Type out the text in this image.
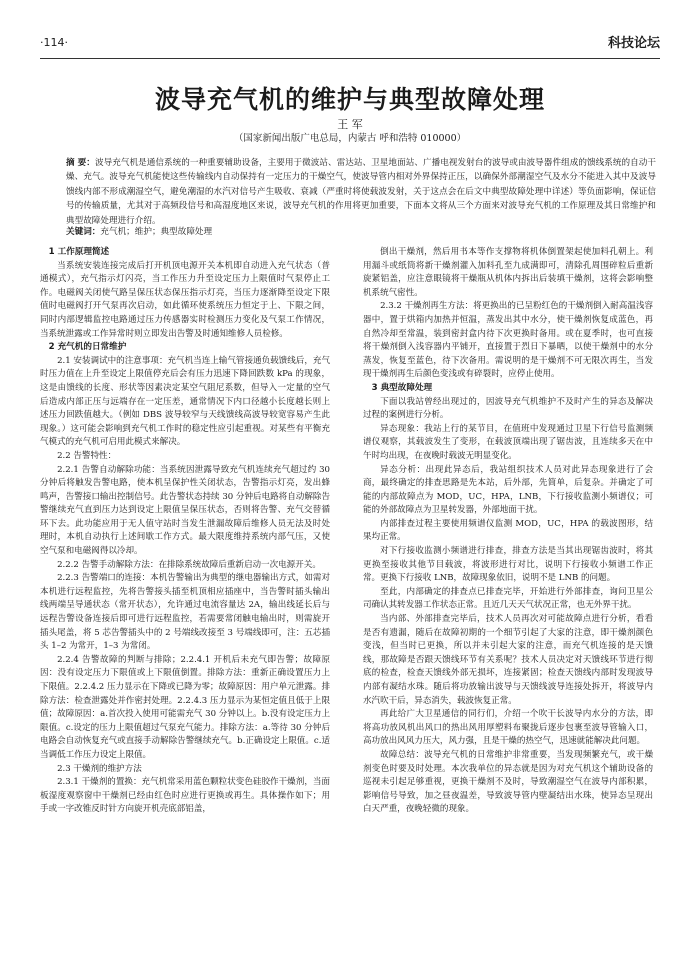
·114·	科技论坛
波导充气机的维护与典型故障处理
王 军
（国家新闻出版广电总局，内蒙古 呼和浩特 010000）
摘 要：波导充气机是通信系统的一种重要辅助设备，主要用于微波站、雷达站、卫星地面站、广播电视发射台的波导或由波导器件组成的馈线系统的自动干燥、充气。波导充气机能使这些传输线内自动保持有一定压力的干燥空气，使波导管内相对外界保持正压，以确保外部潮湿空气及水分不能进入其中及波导馈线内部不形成潮湿空气，避免潮湿的水汽对信号产生吸收、衰减（严重时将使载波发射，关于这点会在后文中典型故障处理中详述）等负面影响，保证信号的传输质量，尤其对于高频段信号和高湿度地区来说，波导充气机的作用将更加重要，下面本文将从三个方面来对波导充气机的工作原理及其日常维护和典型故障处理进行介绍。
关键词：充气机；维护；典型故障处理
1 工作原理简述

当系统安装连接完成后打开机顶电源开关本机即自动进入充气状态（普通模式），充气指示灯闪亮，当工作压力升至设定压力上限值时气泵停止工作。电磁阀关闭使气路呈保压状态保压指示灯亮，当压力逐渐降至设定下限值时电磁阀打开气泵再次启动，如此循环使系统压力恒定于上、下限之间，同时内部逻辑监控电路通过压力传感器实时检测压力变化及气泵工作情况，当系统泄露或工作异常时则立即发出告警及时通知维修人员检修。

2 充气机的日常维护

2.1 安装调试中的注意事项：充气机当连上输气管接通负载馈线后，充气时压力值在上升至设定上限值停充后会有压力迅速下降回跌数 kPa 的现象，这是由馈线的长度、形状等因素决定某空气阻尼系数，但导入一定量的空气后造成内部正压与远端存在一定压差，通常情况下内口径越小长度越长则上述压力回跌值越大。（例如 DBS 波导较窄与天线馈线高波导较宽容易产生此现象。）这可能会影响到充气机工作时的稳定性应引起重视。对某些有平衡充气模式的充气机可启用此模式来解决。

2.2 告警特性：

2.2.1 告警自动解除功能：当系统因泄露导致充气机连续充气超过约 30 分钟后将触发告警电路，使本机呈保护性关闭状态，告警指示灯亮，发出蜂鸣声，告警接口输出控制信号。此告警状态持续 30 分钟后电路将自动解除告警继续充气直到压力达到设定上限值呈保压状态，否则将告警、充气交替循环下去。此功能应用于无人值守站时当发生泄漏故障后维修人员无法及时处理时，本机自动执行上述间歇工作方式。最大限度维持系统内部气压，又使空气泵和电磁阀得以冷却。

2.2.2 告警手动解除方法：在排除系统故障后重新启动一次电源开关。

2.2.3 告警端口的连接：本机告警输出为典型的继电器输出方式，如需对本机进行远程监控，先将告警接头插至机顶相应插座中，当告警时插头输出线两端呈导通状态（常开状态），允许通过电流容量达 2A，输出线延长后与远程告警设备连接后即可进行远程监控，若需要常闭触电输出时，则需旋开插头尾盖，将 5 芯告警插头中的 2 号端线改接至 3 号端线即可，注：五芯插头 1–2 为常开，1–3 为常闭。

2.2.4 告警故障的判断与排除；2.2.4.1 开机后未充气即告警；故障原因：没有设定压力下限值或上下限值倒置。排除方法：重新正确设置压力上下限值。2.2.4.2 压力显示在下降或已降为零；故障原因：用户单元泄露。排除方法：检查泄露处并作密封处理。2.2.4.3 压力显示为某恒定值且低于上限值；故障原因：a.首次投入使用可能需充气 30 分钟以上。b.没有设定压力上限值。c.设定的压力上限值超过气泵充气能力。排除方法：a.等待 30 分钟后电路会自动恢复充气或直接手动解除告警继续充气。b.正确设定上限值。c.适当调低工作压力设定上限值。

2.3 干燥剂的维护方法

2.3.1 干燥剂的置换：充气机常采用蓝色颗粒状变色硅胶作干燥剂，当面板湿度观察窗中干燥剂已经由红色时应进行更换或再生。具体操作如下；用手或一字改锥反时针方向旋开机壳底部铝盖，

倒出干燥剂，然后用书本等作支撑物将机体倒置架起使加料孔朝上。利用漏斗或纸筒将新干燥剂灌入加料孔至九成满即可，清除孔周围碎粒后重新旋紧铝盖，应注意眼镜将干燥瓶从机体内拆出后装填干燥剂，这将会影响整机系统气密性。

2.3.2 干燥剂再生方法：将更换出的已呈粉红色的干燥剂倒入耐高温浅容器中，置于烘箱内加热并恒温，蒸发出其中水分，使干燥剂恢复成蓝色，再自然冷却至常温，装到密封盒内待下次更换时备用。或在夏季时，也可直接将干燥剂倒入浅容器内平铺开，直接置于烈日下暴晒，以使干燥剂中的水分蒸发，恢复至蓝色，待下次备用。需说明的是干燥剂不可无限次再生，当发现干燥剂再生后颜色变浅或有碎裂时，应停止使用。

3 典型故障处理

下面以我站曾经出现过的，因波导充气机维护不及时产生的异态及解决过程的案例进行分析。

异态现象：我站上行的某节目，在值班中发现通过卫星下行信号监测频谱仪观察，其载波发生了变形，在载波顶端出现了锯齿波，且连续多天在中午时均出现，在夜晚时载波无明显变化。

异态分析：出现此异态后，我站组织技术人员对此异态现象进行了会商，最终确定的排查思路是先本站，后外部，先简单，后复杂。并确定了可能的内部故障点为 MOD，UC，HPA，LNB，下行接收监测小频谱仪；可能的外部故障点为卫星转发器，外部地面干扰。

内部排查过程主要使用频谱仪监测 MOD，UC，HPA 的载波图形，结果均正常。

对下行接收监测小频谱进行排查，排查方法是当其出现锯齿波时，将其更换至接收其他节目载波，将波形进行对比，说明下行接收小频谱工作正常。更换下行接收 LNB，故障现象依旧，说明不是 LNB 的问题。

至此，内部确定的排查点已排查完毕，开始进行外部排查，询问卫星公司确认其转发器工作状态正常。且近几天天气状况正常，也无外界干扰。

当内部、外部排查完毕后，技术人员再次对可能故障点进行分析，看看是否有遗漏，随后在故障初期的一个细节引起了大家的注意，即干燥剂颜色变浅，但当时已更换，所以并未引起大家的注意，而充气机连接的是天馈线，那故障是否跟天馈线环节有关系呢？技术人员决定对天馈线环节进行彻底的检查，检查天馈线外部无损坏，连接紧固；检查天馈线内部时发现波导内部有凝结水珠。随后将功放输出波导与天馈线波导连接处拆开，将波导内水汽吹干后，异态消失，载波恢复正常。

再此给广大卫星通信的同行们，介绍一个吹干长波导内水分的方法，即将高功放风机出风口的热出风用厚塑料布聚拢后逐步包裹至波导管输入口，高功放出风风力压大，风力强，且是干燥的热空气，迅速就能解决此问题。

故障总结：波导充气机的日常维护非常重要，当发现频繁充气，或干燥剂变色时要及时处理。本次我单位的异态就是因为对充气机这个辅助设备的巡视未引起足够重视，更换干燥剂不及时，导致潮湿空气在波导内部积累，影响信号导致，加之昼夜温差，导致波导管内壁凝结出水珠，使异态呈现出白天严重，夜晚轻微的现象。
